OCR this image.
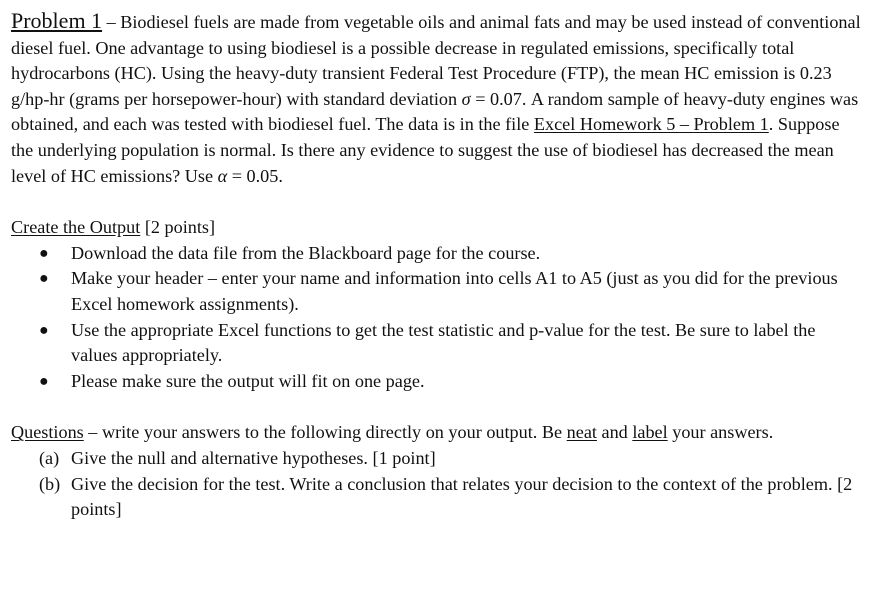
Problem 1 – Biodiesel fuels are made from vegetable oils and animal fats and may be used instead of conventional diesel fuel. One advantage to using biodiesel is a possible decrease in regulated emissions, specifically total hydrocarbons (HC). Using the heavy-duty transient Federal Test Procedure (FTP), the mean HC emission is 0.23 g/hp-hr (grams per horsepower-hour) with standard deviation σ = 0.07. A random sample of heavy-duty engines was obtained, and each was tested with biodiesel fuel. The data is in the file Excel Homework 5 – Problem 1. Suppose the underlying population is normal. Is there any evidence to suggest the use of biodiesel has decreased the mean level of HC emissions? Use α = 0.05.

Create the Output [2 points]

● Download the data file from the Blackboard page for the course.
● Make your header – enter your name and information into cells A1 to A5 (just as you did for the previous Excel homework assignments).
● Use the appropriate Excel functions to get the test statistic and p-value for the test. Be sure to label the values appropriately.
● Please make sure the output will fit on one page.

Questions – write your answers to the following directly on your output. Be neat and label your answers.

(a) Give the null and alternative hypotheses. [1 point]
(b) Give the decision for the test. Write a conclusion that relates your decision to the context of the problem. [2 points]
